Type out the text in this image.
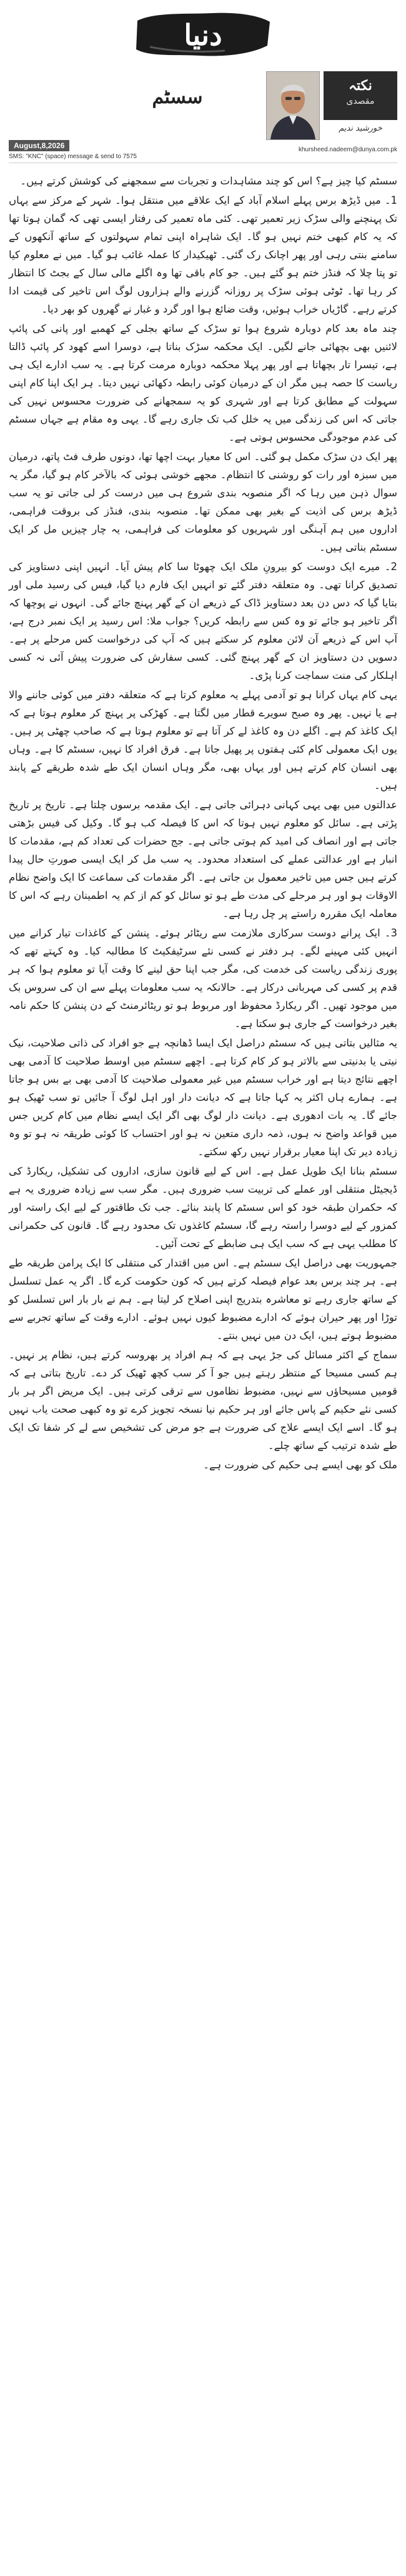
دنیا
سسٹم
August,8,2026
SMS: "KNC" (space) message & send to 7575
نکتہ
مقصدی
خورشید ندیم
khursheed.nadeem@dunya.com.pk

سسٹم کیا چیز ہے؟ اس کو چند مشاہدات و تجربات سے سمجھنے کی کوشش کرتے ہیں۔

1۔ میں ڈیڑھ برس پہلے اسلام آباد کے ایک علاقے میں منتقل ہوا۔ شہر کے مرکز سے یہاں تک پہنچنے والی سڑک زیر تعمیر تھی۔ کئی ماہ تعمیر کی رفتار ایسی تھی کہ گمان ہوتا تھا کہ یہ کام کبھی ختم نہیں ہو گا۔ ایک شاہراہ اپنی تمام سہولتوں کے ساتھ آنکھوں کے سامنے بنتی رہی اور پھر اچانک رک گئی۔ ٹھیکیدار کا عملہ غائب ہو گیا۔ میں نے معلوم کیا تو پتا چلا کہ فنڈز ختم ہو گئے ہیں۔ جو کام باقی تھا وہ اگلے مالی سال کے بجٹ کا انتظار کر رہا تھا۔ ٹوٹی ہوئی سڑک پر روزانہ گزرنے والے ہزاروں لوگ اس تاخیر کی قیمت ادا کرتے رہے۔ گاڑیاں خراب ہوئیں، وقت ضائع ہوا اور گرد و غبار نے گھروں کو بھر دیا۔

چند ماہ بعد کام دوبارہ شروع ہوا تو سڑک کے ساتھ بجلی کے کھمبے اور پانی کی پائپ لائنیں بھی بچھائی جانے لگیں۔ ایک محکمہ سڑک بناتا ہے، دوسرا اسے کھود کر پائپ ڈالتا ہے، تیسرا تار بچھاتا ہے اور پھر پہلا محکمہ دوبارہ مرمت کرتا ہے۔ یہ سب ادارے ایک ہی ریاست کا حصہ ہیں مگر ان کے درمیان کوئی رابطہ دکھائی نہیں دیتا۔ ہر ایک اپنا کام اپنی سہولت کے مطابق کرتا ہے اور شہری کو یہ سمجھانے کی ضرورت محسوس نہیں کی جاتی کہ اس کی زندگی میں یہ خلل کب تک جاری رہے گا۔ یہی وہ مقام ہے جہاں سسٹم کی عدم موجودگی محسوس ہوتی ہے۔

پھر ایک دن سڑک مکمل ہو گئی۔ اس کا معیار بہت اچھا تھا، دونوں طرف فٹ پاتھ، درمیان میں سبزہ اور رات کو روشنی کا انتظام۔ مجھے خوشی ہوئی کہ بالآخر کام ہو گیا، مگر یہ سوال ذہن میں رہا کہ اگر منصوبہ بندی شروع ہی میں درست کر لی جاتی تو یہ سب ڈیڑھ برس کی اذیت کے بغیر بھی ممکن تھا۔ منصوبہ بندی، فنڈز کی بروقت فراہمی، اداروں میں ہم آہنگی اور شہریوں کو معلومات کی فراہمی، یہ چار چیزیں مل کر ایک سسٹم بناتی ہیں۔

2۔ میرے ایک دوست کو بیرونِ ملک ایک چھوٹا سا کام پیش آیا۔ انہیں اپنی دستاویز کی تصدیق کرانا تھی۔ وہ متعلقہ دفتر گئے تو انہیں ایک فارم دیا گیا، فیس کی رسید ملی اور بتایا گیا کہ دس دن بعد دستاویز ڈاک کے ذریعے ان کے گھر پہنچ جائے گی۔ انہوں نے پوچھا کہ اگر تاخیر ہو جائے تو وہ کس سے رابطہ کریں؟ جواب ملا: اس رسید پر ایک نمبر درج ہے، آپ اس کے ذریعے آن لائن معلوم کر سکتے ہیں کہ آپ کی درخواست کس مرحلے پر ہے۔ دسویں دن دستاویز ان کے گھر پہنچ گئی۔ کسی سفارش کی ضرورت پیش آئی نہ کسی اہلکار کی منت سماجت کرنا پڑی۔

یہی کام یہاں کرانا ہو تو آدمی پہلے یہ معلوم کرتا ہے کہ متعلقہ دفتر میں کوئی جاننے والا ہے یا نہیں۔ پھر وہ صبح سویرے قطار میں لگتا ہے۔ کھڑکی پر پہنچ کر معلوم ہوتا ہے کہ ایک کاغذ کم ہے۔ اگلے دن وہ کاغذ لے کر آتا ہے تو معلوم ہوتا ہے کہ صاحب چھٹی پر ہیں۔ یوں ایک معمولی کام کئی ہفتوں پر پھیل جاتا ہے۔ فرق افراد کا نہیں، سسٹم کا ہے۔ وہاں بھی انسان کام کرتے ہیں اور یہاں بھی، مگر وہاں انسان ایک طے شدہ طریقے کے پابند ہیں۔

عدالتوں میں بھی یہی کہانی دہرائی جاتی ہے۔ ایک مقدمہ برسوں چلتا ہے۔ تاریخ پر تاریخ پڑتی ہے۔ سائل کو معلوم نہیں ہوتا کہ اس کا فیصلہ کب ہو گا۔ وکیل کی فیس بڑھتی جاتی ہے اور انصاف کی امید کم ہوتی جاتی ہے۔ جج حضرات کی تعداد کم ہے، مقدمات کا انبار ہے اور عدالتی عملے کی استعداد محدود۔ یہ سب مل کر ایک ایسی صورتِ حال پیدا کرتے ہیں جس میں تاخیر معمول بن جاتی ہے۔ اگر مقدمات کی سماعت کا ایک واضح نظام الاوقات ہو اور ہر مرحلے کی مدت طے ہو تو سائل کو کم از کم یہ اطمینان رہے کہ اس کا معاملہ ایک مقررہ راستے پر چل رہا ہے۔

3۔ ایک پرانے دوست سرکاری ملازمت سے ریٹائر ہوئے۔ پنشن کے کاغذات تیار کرانے میں انہیں کئی مہینے لگے۔ ہر دفتر نے کسی نئے سرٹیفکیٹ کا مطالبہ کیا۔ وہ کہتے تھے کہ پوری زندگی ریاست کی خدمت کی، مگر جب اپنا حق لینے کا وقت آیا تو معلوم ہوا کہ ہر قدم پر کسی کی مہربانی درکار ہے۔ حالانکہ یہ سب معلومات پہلے سے ان کی سروس بک میں موجود تھیں۔ اگر ریکارڈ محفوظ اور مربوط ہو تو ریٹائرمنٹ کے دن پنشن کا حکم نامہ بغیر درخواست کے جاری ہو سکتا ہے۔

یہ مثالیں بتاتی ہیں کہ سسٹم دراصل ایک ایسا ڈھانچہ ہے جو افراد کی ذاتی صلاحیت، نیک نیتی یا بدنیتی سے بالاتر ہو کر کام کرتا ہے۔ اچھے سسٹم میں اوسط صلاحیت کا آدمی بھی اچھے نتائج دیتا ہے اور خراب سسٹم میں غیر معمولی صلاحیت کا آدمی بھی بے بس ہو جاتا ہے۔ ہمارے ہاں اکثر یہ کہا جاتا ہے کہ دیانت دار اور اہل لوگ آ جائیں تو سب ٹھیک ہو جائے گا۔ یہ بات ادھوری ہے۔ دیانت دار لوگ بھی اگر ایک ایسے نظام میں کام کریں جس میں قواعد واضح نہ ہوں، ذمہ داری متعین نہ ہو اور احتساب کا کوئی طریقہ نہ ہو تو وہ زیادہ دیر تک اپنا معیار برقرار نہیں رکھ سکتے۔

سسٹم بنانا ایک طویل عمل ہے۔ اس کے لیے قانون سازی، اداروں کی تشکیل، ریکارڈ کی ڈیجیٹل منتقلی اور عملے کی تربیت سب ضروری ہیں۔ مگر سب سے زیادہ ضروری یہ ہے کہ حکمران طبقہ خود کو اس سسٹم کا پابند بنائے۔ جب تک طاقتور کے لیے ایک راستہ اور کمزور کے لیے دوسرا راستہ رہے گا، سسٹم کاغذوں تک محدود رہے گا۔ قانون کی حکمرانی کا مطلب یہی ہے کہ سب ایک ہی ضابطے کے تحت آئیں۔

جمہوریت بھی دراصل ایک سسٹم ہے۔ اس میں اقتدار کی منتقلی کا ایک پرامن طریقہ طے ہے۔ ہر چند برس بعد عوام فیصلہ کرتے ہیں کہ کون حکومت کرے گا۔ اگر یہ عمل تسلسل کے ساتھ جاری رہے تو معاشرہ بتدریج اپنی اصلاح کر لیتا ہے۔ ہم نے بار بار اس تسلسل کو توڑا اور پھر حیران ہوئے کہ ادارے مضبوط کیوں نہیں ہوئے۔ ادارے وقت کے ساتھ تجربے سے مضبوط ہوتے ہیں، ایک دن میں نہیں بنتے۔

سماج کے اکثر مسائل کی جڑ یہی ہے کہ ہم افراد پر بھروسہ کرتے ہیں، نظام پر نہیں۔ ہم کسی مسیحا کے منتظر رہتے ہیں جو آ کر سب کچھ ٹھیک کر دے۔ تاریخ بتاتی ہے کہ قومیں مسیحاؤں سے نہیں، مضبوط نظاموں سے ترقی کرتی ہیں۔ ایک مریض اگر ہر بار کسی نئے حکیم کے پاس جائے اور ہر حکیم نیا نسخہ تجویز کرے تو وہ کبھی صحت یاب نہیں ہو گا۔ اسے ایک ایسے علاج کی ضرورت ہے جو مرض کی تشخیص سے لے کر شفا تک ایک طے شدہ ترتیب کے ساتھ چلے۔

ملک کو بھی ایسے ہی حکیم کی ضرورت ہے۔
